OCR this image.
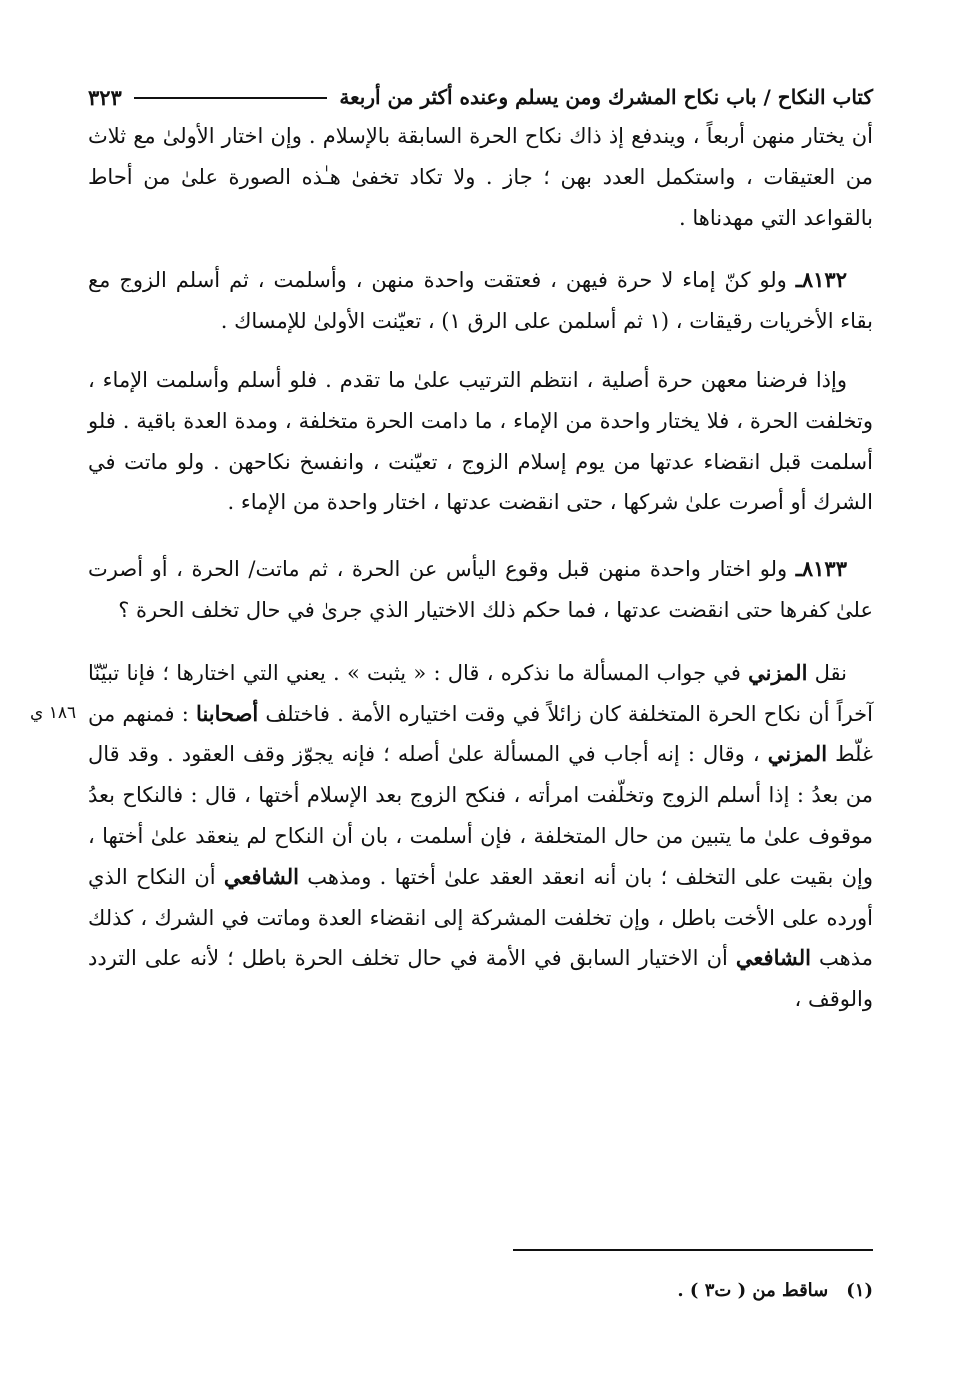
كتاب النكاح / باب نكاح المشرك ومن يسلم وعنده أكثر من أربعة
٣٢٣

أن يختار منهن أربعاً ، ويندفع إذ ذاك نكاح الحرة السابقة بالإسلام . وإن اختار الأولىٰ مع ثلاث من العتيقات ، واستكمل العدد بهن ؛ جاز . ولا تكاد تخفىٰ هـٰذه الصورة علىٰ من أحاط بالقواعد التي مهدناها .

٨١٣٢ـ ولو كنّ إماء لا حرة فيهن ، فعتقت واحدة منهن ، وأسلمت ، ثم أسلم الزوج مع بقاء الأخريات رقيقات ، (١ ثم أسلمن على الرق ١) ، تعيّنت الأولىٰ للإمساك .

وإذا فرضنا معهن حرة أصلية ، انتظم الترتيب علىٰ ما تقدم . فلو أسلم وأسلمت الإماء ، وتخلفت الحرة ، فلا يختار واحدة من الإماء ، ما دامت الحرة متخلفة ، ومدة العدة باقية . فلو أسلمت قبل انقضاء عدتها من يوم إسلام الزوج ، تعيّنت ، وانفسخ نكاحهن . ولو ماتت في الشرك أو أصرت علىٰ شركها ، حتى انقضت عدتها ، اختار واحدة من الإماء .

٨١٣٣ـ ولو اختار واحدة منهن قبل وقوع اليأس عن الحرة ، ثم ماتت/ الحرة ، أو أصرت علىٰ كفرها حتى انقضت عدتها ، فما حكم ذلك الاختيار الذي جرىٰ في حال تخلف الحرة ؟

نقل المزني في جواب المسألة ما نذكره ، قال : « يثبت » . يعني التي اختارها ؛ فإنا تبيّنّا آخراً أن نكاح الحرة المتخلفة كان زائلاً في وقت اختياره الأمة . فاختلف أصحابنا : فمنهم من غلّط المزني ، وقال : إنه أجاب في المسألة علىٰ أصله ؛ فإنه يجوّز وقف العقود . وقد قال من بعدُ : إذا أسلم الزوج وتخلّفت امرأته ، فنكح الزوج بعد الإسلام أختها ، قال : فالنكاح بعدُ موقوف علىٰ ما يتبين من حال المتخلفة ، فإن أسلمت ، بان أن النكاح لم ينعقد علىٰ أختها ، وإن بقيت على التخلف ؛ بان أنه انعقد العقد علىٰ أختها . ومذهب الشافعي أن النكاح الذي أورده على الأخت باطل ، وإن تخلفت المشركة إلى انقضاء العدة وماتت في الشرك ، كذلك مذهب الشافعي أن الاختيار السابق في الأمة في حال تخلف الحرة باطل ؛ لأنه على التردد والوقف ،

١٨٦ ي
(١)ساقط من ( ت٣ ) .
